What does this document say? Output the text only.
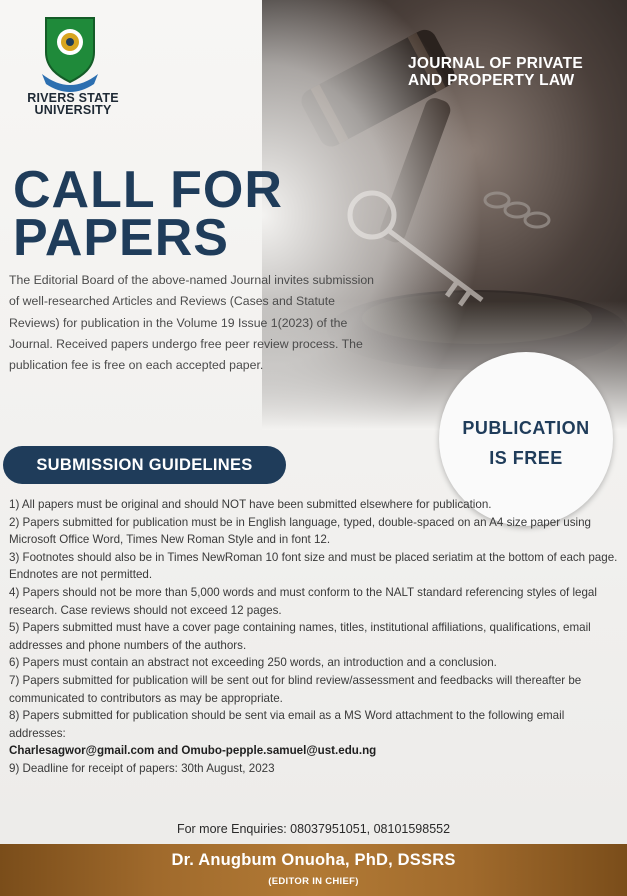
RIVERS STATE
UNIVERSITY
JOURNAL OF PRIVATE
AND PROPERTY LAW
CALL FOR
PAPERS
The Editorial Board of the above-named Journal invites submission of well-researched Articles and Reviews (Cases and Statute Reviews) for publication in the Volume 19 Issue 1(2023) of the Journal. Received papers undergo free peer review process. The publication fee is free on each accepted paper.
PUBLICATION
IS FREE
SUBMISSION GUIDELINES
1) All papers must be original and should NOT have been submitted elsewhere for publication.
2) Papers submitted for publication must be in English language, typed, double-spaced on an A4 size paper using Microsoft Office Word, Times New Roman Style and in font 12.
3) Footnotes should also be in Times NewRoman 10 font size and must be placed seriatim at the bottom of each page. Endnotes are not permitted.
4) Papers should not be more than 5,000 words and must conform to the NALT standard referencing styles of legal research. Case reviews should not exceed 12 pages.
5) Papers submitted must have a cover page containing names, titles, institutional affiliations, qualifications, email addresses and phone numbers of the authors.
6) Papers must contain an abstract not exceeding 250 words, an introduction and a conclusion.
7) Papers submitted for publication will be sent out for blind review/assessment and feedbacks will thereafter be communicated to contributors as may be appropriate.
8) Papers submitted for publication should be sent via email as a MS Word attachment to the following email addresses:
Charlesagwor@gmail.com and Omubo-pepple.samuel@ust.edu.ng
9) Deadline for receipt of papers: 30th August, 2023
For more Enquiries: 08037951051, 08101598552
Dr. Anugbum Onuoha, PhD, DSSRS
(EDITOR IN CHIEF)
